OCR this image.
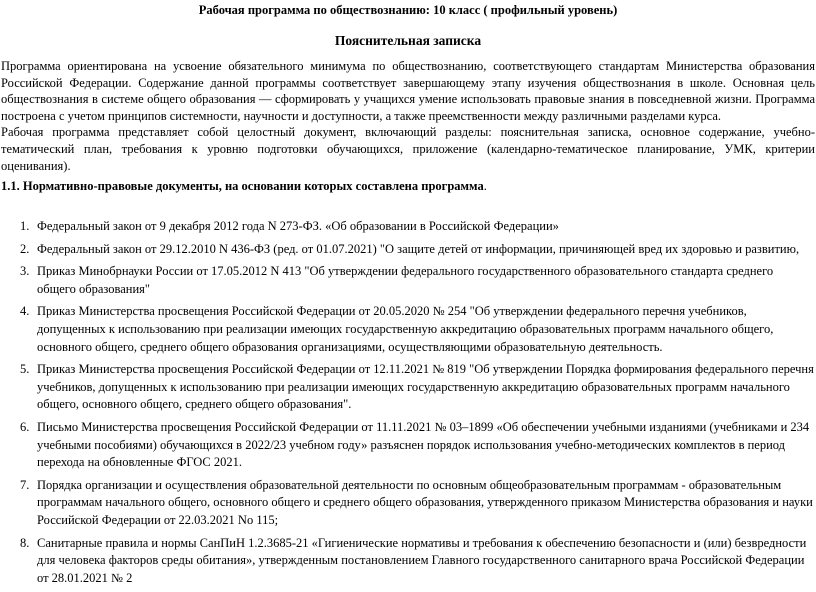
Рабочая программа по обществознанию: 10 класс ( профильный уровень)
Пояснительная записка

Программа ориентирована на усвоение обязательного минимума по обществознанию, соответствующего стандартам Министерства образования Российской Федерации. Содержание данной программы соответствует завершающему этапу изучения обществознания в школе. Основная цель обществознания в системе общего образования — сформировать у учащихся умение использовать правовые знания в повседневной жизни. Программа построена с учетом принципов системности, научности и доступности, а также преемственности между различными разделами курса.

Рабочая программа представляет собой целостный документ, включающий разделы: пояснительная записка, основное содержание, учебно-тематический план, требования к уровню подготовки обучающихся, приложение (календарно-тематическое планирование, УМК, критерии оценивания).

1.1. Нормативно-правовые документы, на основании которых составлена программа.
1. Федеральный закон от 9 декабря 2012 года N 273-ФЗ. «Об образовании в Российской Федерации»
2. Федеральный закон от 29.12.2010 N 436-ФЗ (ред. от 01.07.2021) "О защите детей от информации, причиняющей вред их здоровью и развитию,
3. Приказ Минобрнауки России от 17.05.2012 N 413 "Об утверждении федерального государственного образовательного стандарта среднего общего образования"
4. Приказ Министерства просвещения Российской Федерации от 20.05.2020 № 254 "Об утверждении федерального перечня учебников, допущенных к использованию при реализации имеющих государственную аккредитацию образовательных программ начального общего, основного общего, среднего общего образования организациями, осуществляющими образовательную деятельность.
5. Приказ Министерства просвещения Российской Федерации от 12.11.2021 № 819 "Об утверждении Порядка формирования федерального перечня учебников, допущенных к использованию при реализации имеющих государственную аккредитацию образовательных программ начального общего, основного общего, среднего общего образования".
6. Письмо Министерства просвещения Российской Федерации от 11.11.2021 № 03–1899 «Об обеспечении учебными изданиями (учебниками и 234 учебными пособиями) обучающихся в 2022/23 учебном году» разъяснен порядок использования учебно-методических комплектов в период перехода на обновленные ФГОС 2021.
7. Порядка организации и осуществления образовательной деятельности по основным общеобразовательным программам - образовательным программам начального общего, основного общего и среднего общего образования, утвержденного приказом Министерства образования и науки Российской Федерации от 22.03.2021 No 115;
8. Санитарные правила и нормы СанПиН 1.2.3685-21 «Гигиенические нормативы и требования к обеспечению безопасности и (или) безвредности для человека факторов среды обитания», утвержденным постановлением Главного государственного санитарного врача Российской Федерации от 28.01.2021 № 2
